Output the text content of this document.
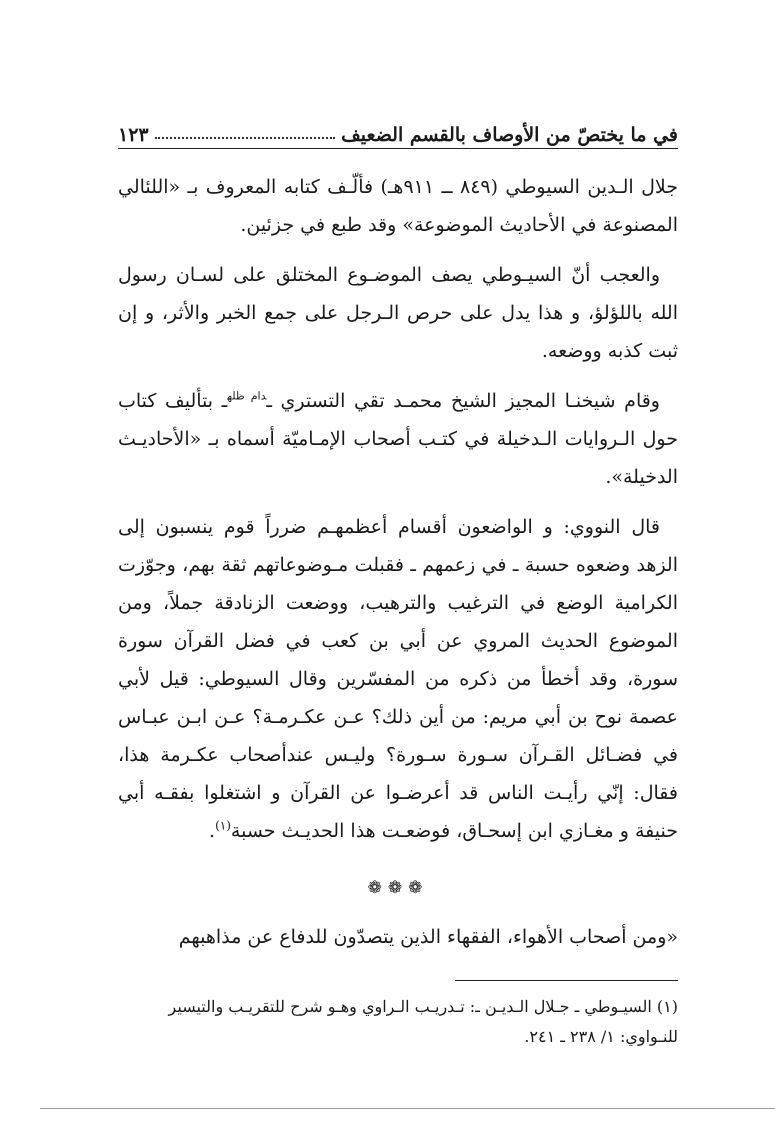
في ما يختصّ من الأوصاف بالقسم الضعيف
١٢٣

جلال الـدين السيوطي (٨٤٩ ــ ٩١١هـ) فألّـف كتابه المعروف بـ «اللئالي المصنوعة في الأحاديث الموضوعة» وقد طبع في جزئين.

والعجب أنّ السيـوطي يصف الموضـوع المختلق على لسـان رسول الله باللؤلؤ، و هذا يدل على حرص الـرجل على جمع الخبر والأثر، و إن ثبت كذبه ووضعه.

وقام شيخنـا المجيز الشيخ محمـد تقي التستري ـ$^{دام ظله}$ـ بتأليف كتاب حول الـروايات الـدخيلة في كتـب أصحاب الإمـاميّة أسماه بـ «الأحاديـث الدخيلة».

قال النووي: و الواضعون أقسام أعظمهـم ضرراً قوم ينسبون إلى الزهد وضعوه حسبة ـ في زعمهم ـ فقبلت مـوضوعاتهم ثقة بهم، وجوّزت الكرامية الوضع في الترغيب والترهيب، ووضعت الزنادقة جملاً، ومن الموضوع الحديث المروي عن أبي بن كعب في فضل القرآن سورة سورة، وقد أخطأ من ذكره من المفسّرين وقال السيوطي: قيل لأبي عصمة نوح بن أبي مريم: من أين ذلك؟ عـن عكـرمـة؟ عـن ابـن عبـاس في فضـائل القـرآن سـورة سـورة؟ وليـس عندأصحاب عكـرمة هذا، فقال: إنّي رأيـت الناس قد أعرضـوا عن القرآن و اشتغلوا بفقـه أبي حنيفة و مغـازي ابن إسحـاق، فوضعـت هذا الحديـث حسبة$^{(١)}$.

❁❁❁
«ومن أصحاب الأهواء، الفقهاء الذين يتصدّون للدفاع عن مذاهبهم
(١) السيـوطي ـ جـلال الـديـن ـ: تـدريـب الـراوي وهـو شرح للتقريـب والتيسير للنـواوي: ١/ ٢٣٨ ـ ٢٤١.
